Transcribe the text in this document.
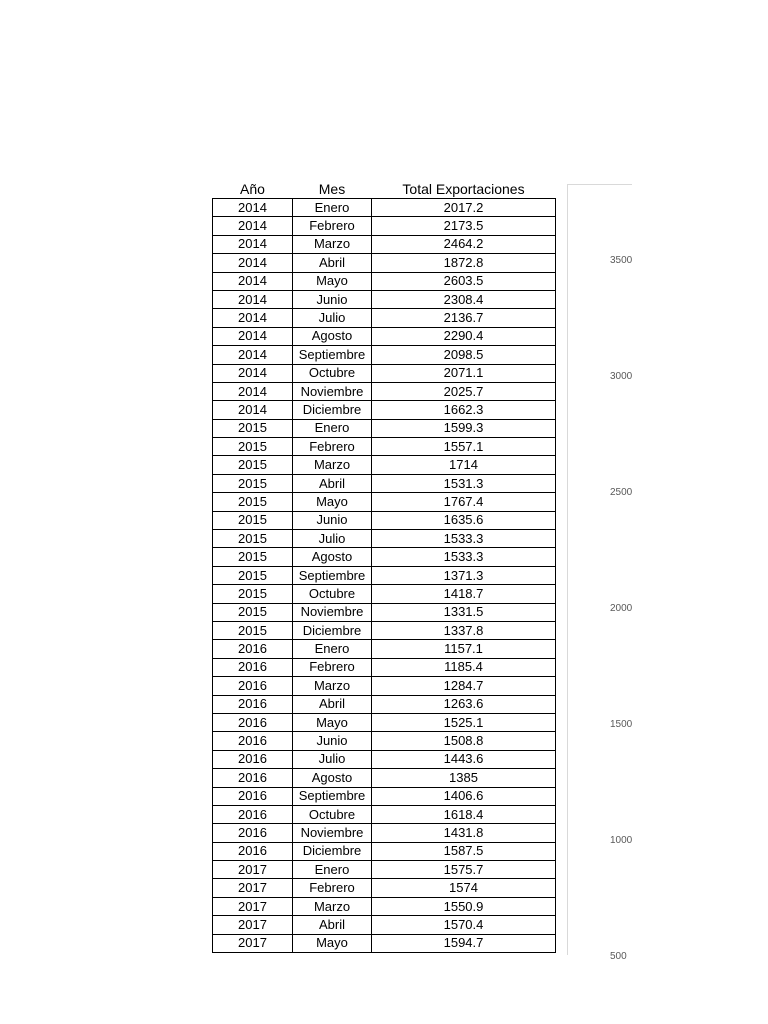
Año	Mes	Total Exportaciones
2014	Enero	2017.2
2014	Febrero	2173.5
2014	Marzo	2464.2
2014	Abril	1872.8
2014	Mayo	2603.5
2014	Junio	2308.4
2014	Julio	2136.7
2014	Agosto	2290.4
2014	Septiembre	2098.5
2014	Octubre	2071.1
2014	Noviembre	2025.7
2014	Diciembre	1662.3
2015	Enero	1599.3
2015	Febrero	1557.1
2015	Marzo	1714
2015	Abril	1531.3
2015	Mayo	1767.4
2015	Junio	1635.6
2015	Julio	1533.3
2015	Agosto	1533.3
2015	Septiembre	1371.3
2015	Octubre	1418.7
2015	Noviembre	1331.5
2015	Diciembre	1337.8
2016	Enero	1157.1
2016	Febrero	1185.4
2016	Marzo	1284.7
2016	Abril	1263.6
2016	Mayo	1525.1
2016	Junio	1508.8
2016	Julio	1443.6
2016	Agosto	1385
2016	Septiembre	1406.6
2016	Octubre	1618.4
2016	Noviembre	1431.8
2016	Diciembre	1587.5
2017	Enero	1575.7
2017	Febrero	1574
2017	Marzo	1550.9
2017	Abril	1570.4
2017	Mayo	1594.7
3500
3000
2500
2000
1500
1000
500
